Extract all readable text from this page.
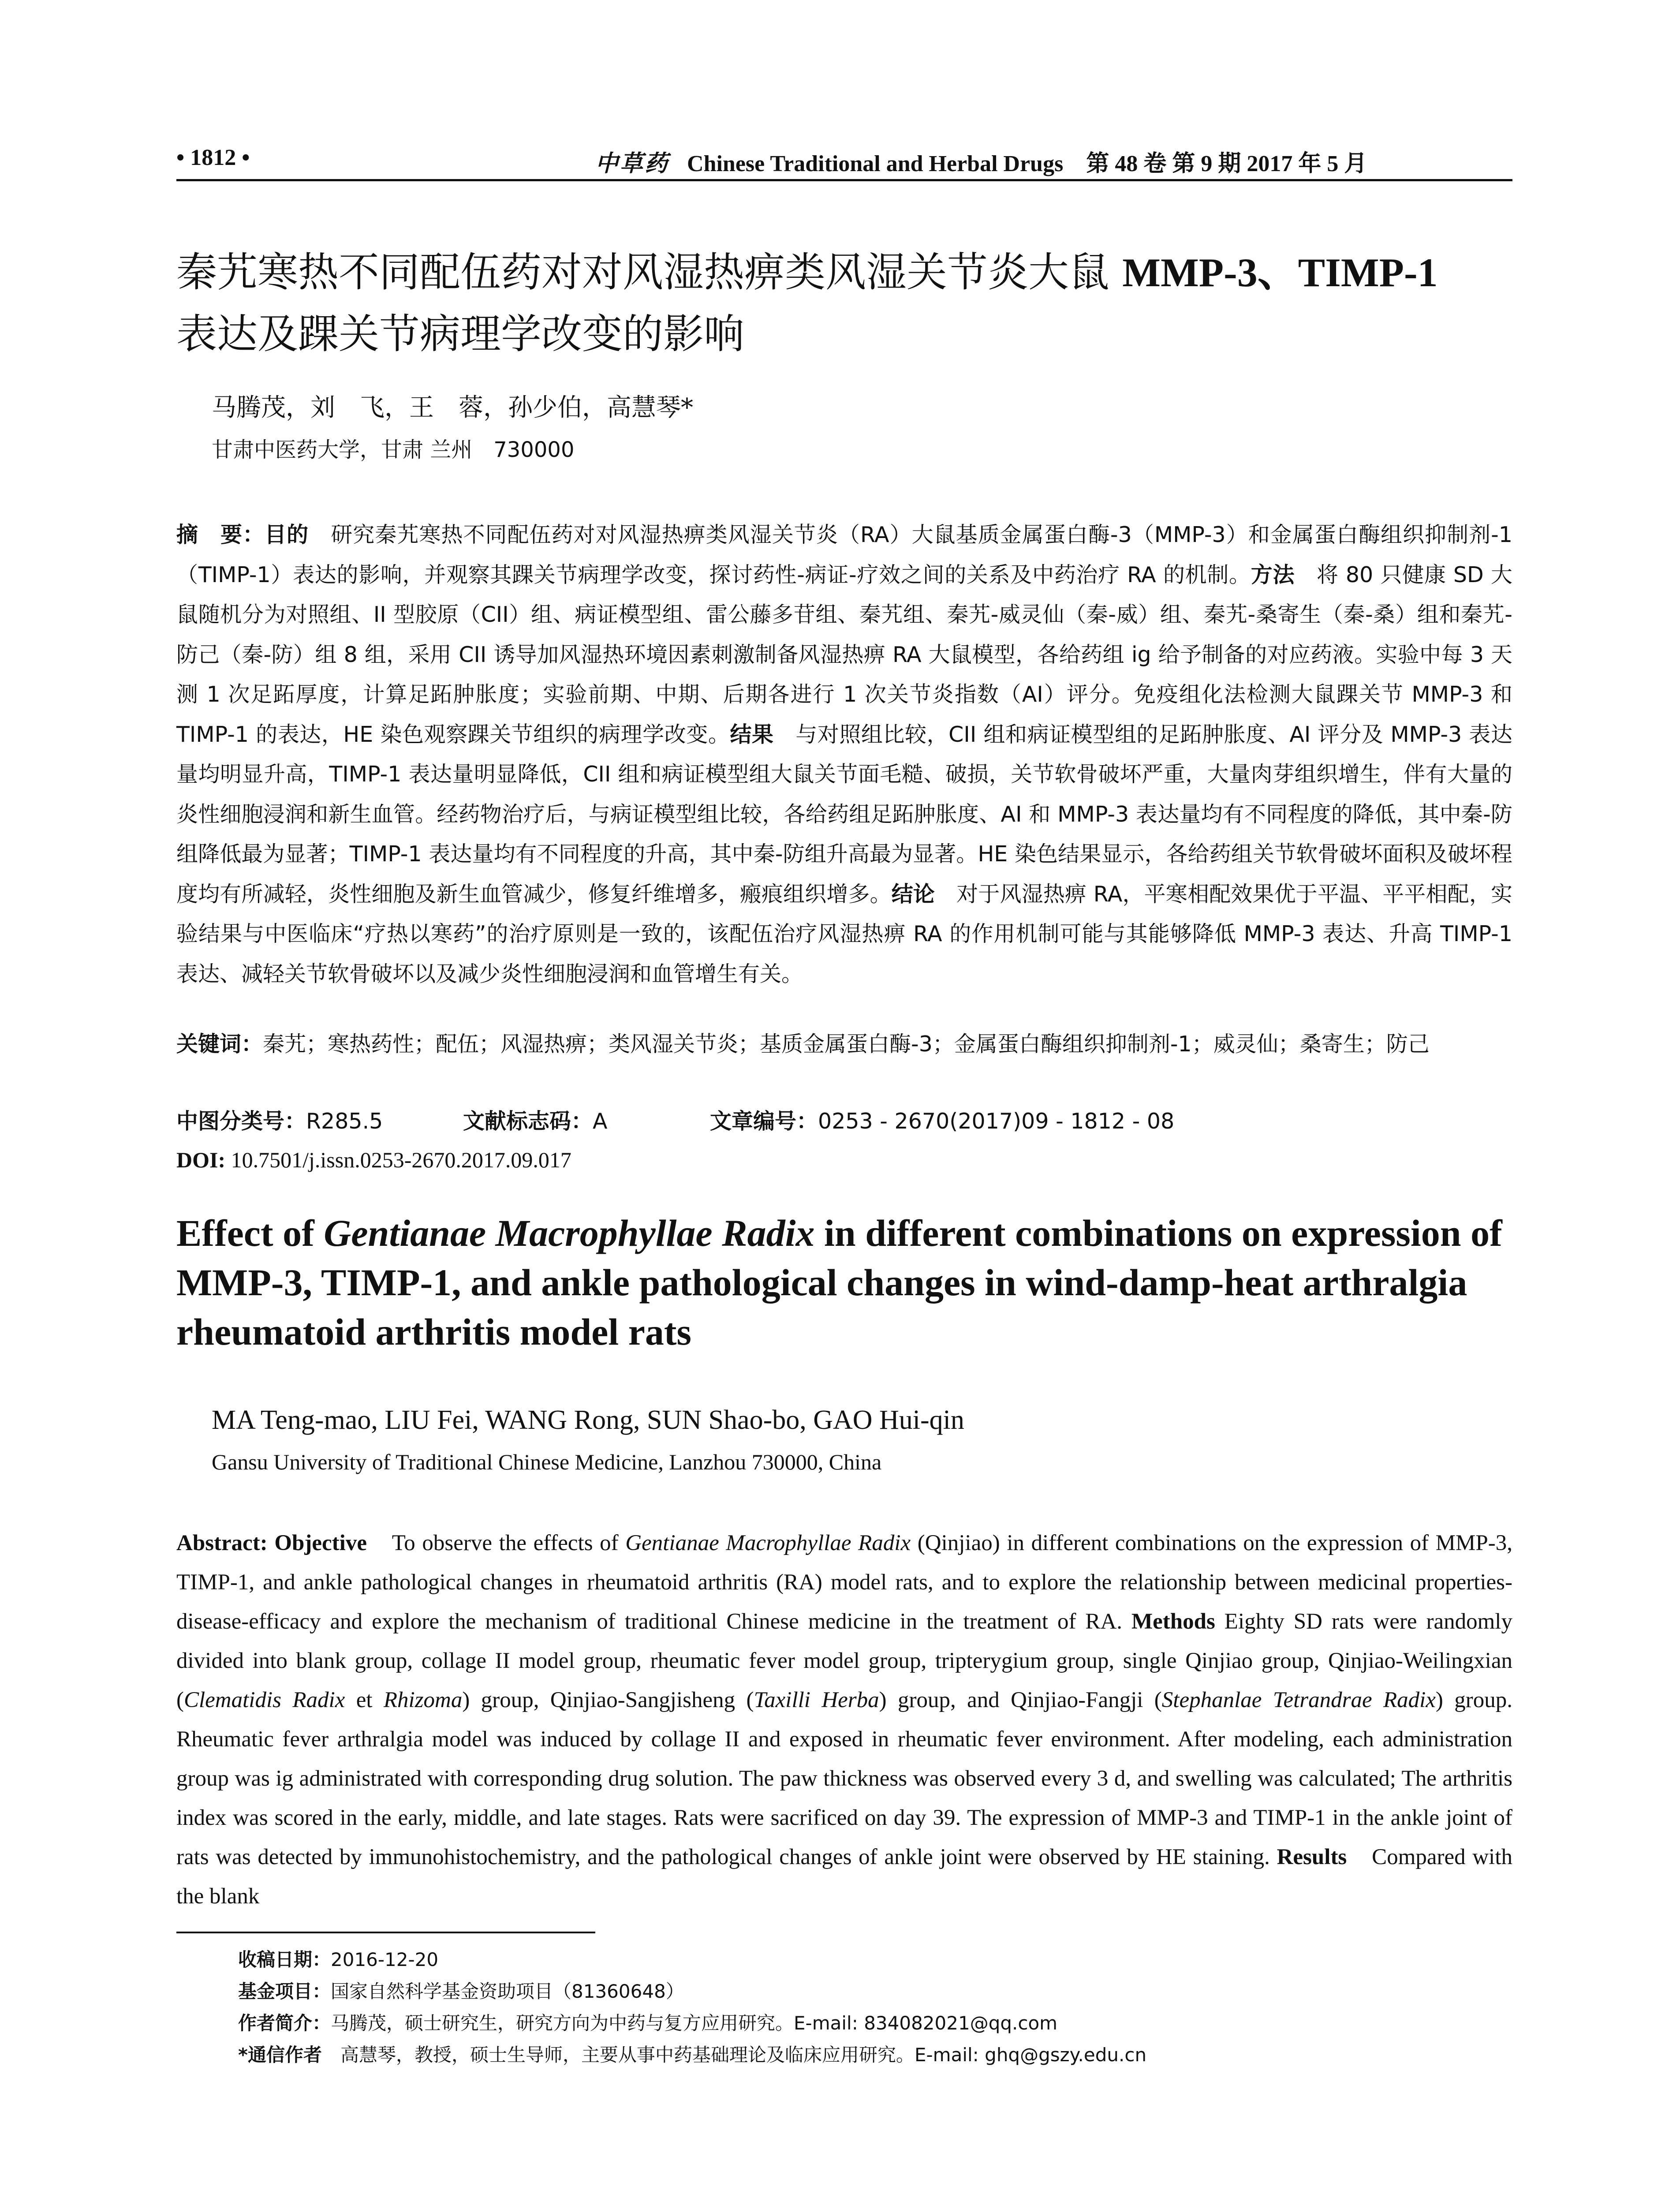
• 1812 •	中草药 Chinese Traditional and Herbal Drugs　第 48 卷 第 9 期 2017 年 5 月
秦艽寒热不同配伍药对对风湿热痹类风湿关节炎大鼠 MMP-3、TIMP-1
表达及踝关节病理学改变的影响
马腾茂，刘　飞，王　蓉，孙少伯，高慧琴*
甘肃中医药大学，甘肃 兰州　730000
摘　要：目的　研究秦艽寒热不同配伍药对对风湿热痹类风湿关节炎（RA）大鼠基质金属蛋白酶-3（MMP-3）和金属蛋白酶组织抑制剂-1（TIMP-1）表达的影响，并观察其踝关节病理学改变，探讨药性-病证-疗效之间的关系及中药治疗 RA 的机制。方法　将 80 只健康 SD 大鼠随机分为对照组、II 型胶原（CII）组、病证模型组、雷公藤多苷组、秦艽组、秦艽-威灵仙（秦-威）组、秦艽-桑寄生（秦-桑）组和秦艽-防己（秦-防）组 8 组，采用 CII 诱导加风湿热环境因素刺激制备风湿热痹 RA 大鼠模型，各给药组 ig 给予制备的对应药液。实验中每 3 天测 1 次足跖厚度，计算足跖肿胀度；实验前期、中期、后期各进行 1 次关节炎指数（AI）评分。免疫组化法检测大鼠踝关节 MMP-3 和 TIMP-1 的表达，HE 染色观察踝关节组织的病理学改变。结果　与对照组比较，CII 组和病证模型组的足跖肿胀度、AI 评分及 MMP-3 表达量均明显升高，TIMP-1 表达量明显降低，CII 组和病证模型组大鼠关节面毛糙、破损，关节软骨破坏严重，大量肉芽组织增生，伴有大量的炎性细胞浸润和新生血管。经药物治疗后，与病证模型组比较，各给药组足跖肿胀度、AI 和 MMP-3 表达量均有不同程度的降低，其中秦-防组降低最为显著；TIMP-1 表达量均有不同程度的升高，其中秦-防组升高最为显著。HE 染色结果显示，各给药组关节软骨破坏面积及破坏程度均有所减轻，炎性细胞及新生血管减少，修复纤维增多，瘢痕组织增多。结论　对于风湿热痹 RA，平寒相配效果优于平温、平平相配，实验结果与中医临床“疗热以寒药”的治疗原则是一致的，该配伍治疗风湿热痹 RA 的作用机制可能与其能够降低 MMP-3 表达、升高 TIMP-1 表达、减轻关节软骨破坏以及减少炎性细胞浸润和血管增生有关。
关键词：秦艽；寒热药性；配伍；风湿热痹；类风湿关节炎；基质金属蛋白酶-3；金属蛋白酶组织抑制剂-1；威灵仙；桑寄生；防己
中图分类号：R285.5	文献标志码：A	文章编号：0253 - 2670(2017)09 - 1812 - 08
DOI: 10.7501/j.issn.0253-2670.2017.09.017
Effect of Gentianae Macrophyllae Radix in different combinations on expression of MMP-3, TIMP-1, and ankle pathological changes in wind-damp-heat arthralgia rheumatoid arthritis model rats
MA Teng-mao, LIU Fei, WANG Rong, SUN Shao-bo, GAO Hui-qin
Gansu University of Traditional Chinese Medicine, Lanzhou 730000, China
Abstract: Objective　To observe the effects of Gentianae Macrophyllae Radix (Qinjiao) in different combinations on the expression of MMP-3, TIMP-1, and ankle pathological changes in rheumatoid arthritis (RA) model rats, and to explore the relationship between medicinal properties-disease-efficacy and explore the mechanism of traditional Chinese medicine in the treatment of RA. Methods Eighty SD rats were randomly divided into blank group, collage II model group, rheumatic fever model group, tripterygium group, single Qinjiao group, Qinjiao-Weilingxian (Clematidis Radix et Rhizoma) group, Qinjiao-Sangjisheng (Taxilli Herba) group, and Qinjiao-Fangji (Stephanlae Tetrandrae Radix) group. Rheumatic fever arthralgia model was induced by collage II and exposed in rheumatic fever environment. After modeling, each administration group was ig administrated with corresponding drug solution. The paw thickness was observed every 3 d, and swelling was calculated; The arthritis index was scored in the early, middle, and late stages. Rats were sacrificed on day 39. The expression of MMP-3 and TIMP-1 in the ankle joint of rats was detected by immunohistochemistry, and the pathological changes of ankle joint were observed by HE staining. Results　Compared with the blank
收稿日期：2016-12-20
基金项目：国家自然科学基金资助项目（81360648）
作者简介：马腾茂，硕士研究生，研究方向为中药与复方应用研究。E-mail: 834082021@qq.com
*通信作者　高慧琴，教授，硕士生导师，主要从事中药基础理论及临床应用研究。E-mail: ghq@gszy.edu.cn
